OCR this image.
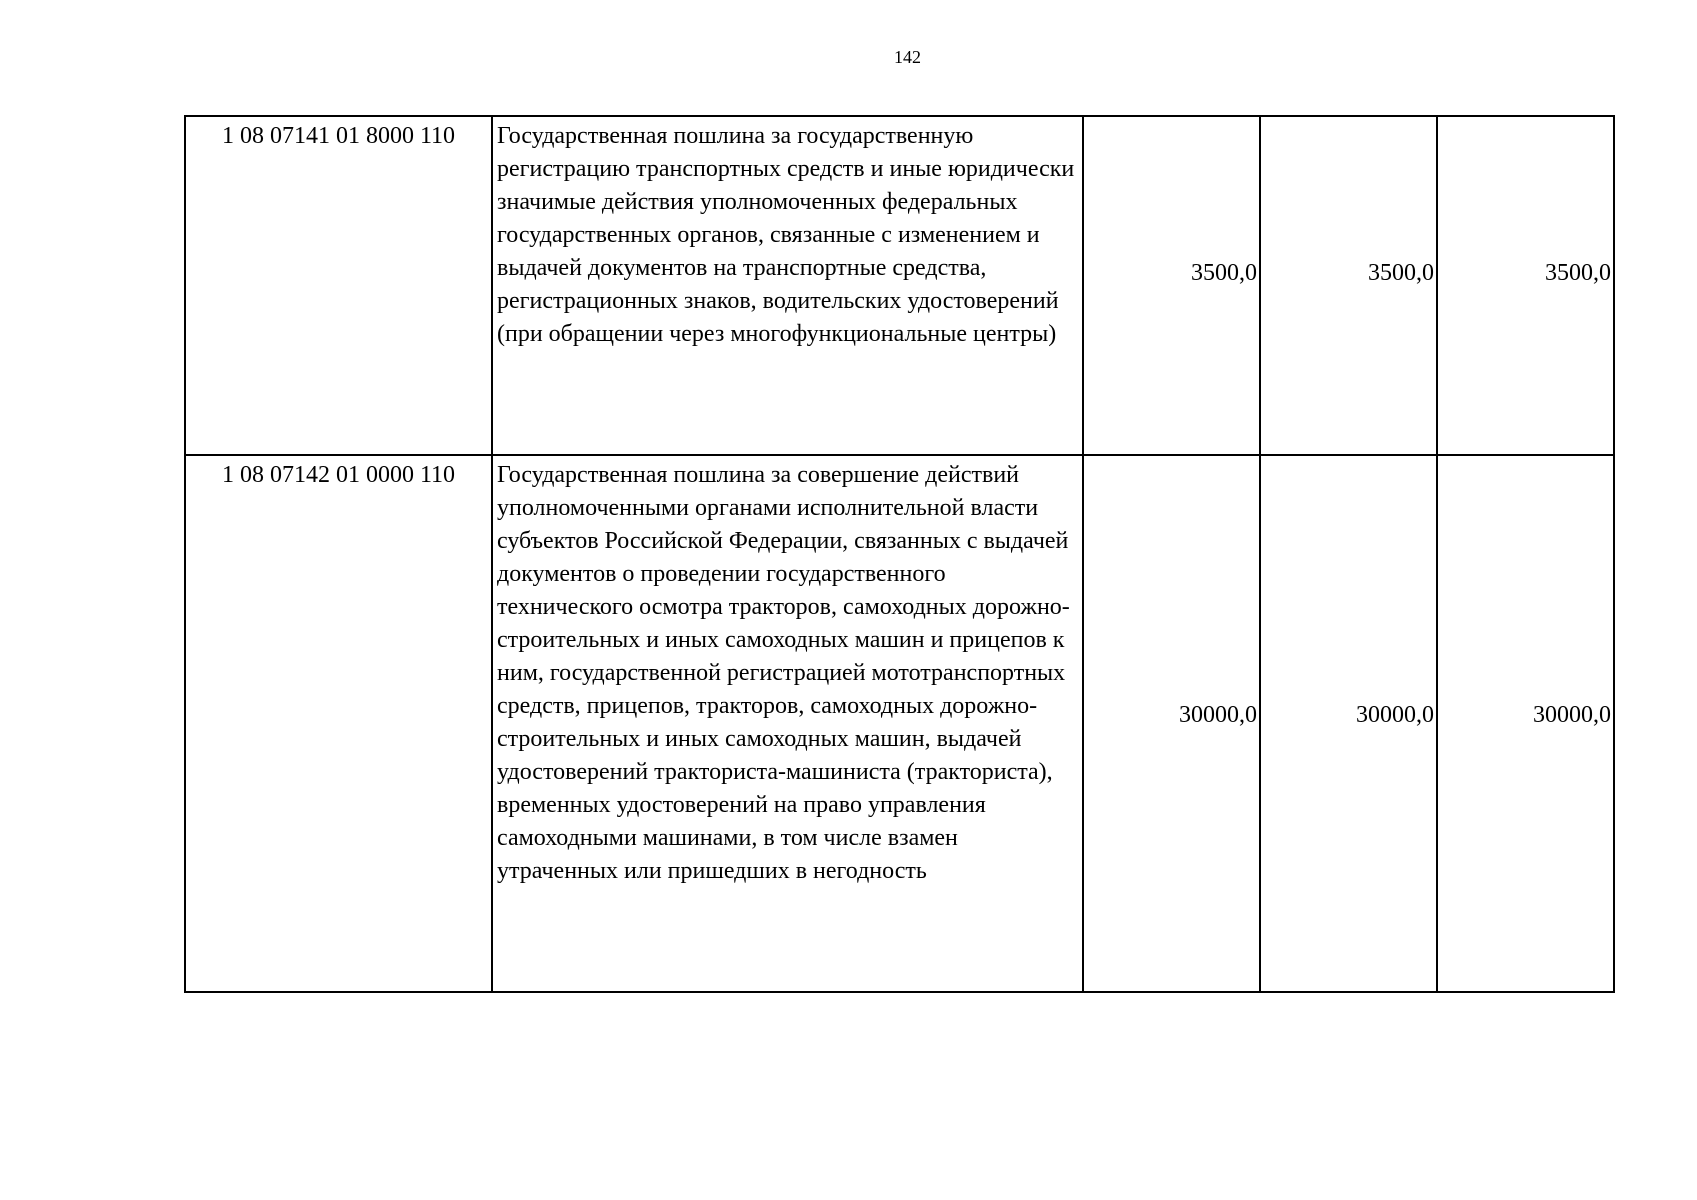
142
1 08 07141 01 8000 110	Государственная пошлина за государственную регистрацию транспортных средств и иные юридически значимые действия уполномоченных федеральных государственных органов, связанные с изменением и выдачей документов на транспортные средства, регистрационных знаков, водительских удостоверений (при обращении через многофункциональные центры)	3500,0	3500,0	3500,0
1 08 07142 01 0000 110	Государственная пошлина за совершение действий уполномоченными органами исполнительной власти субъектов Российской Федерации, связанных с выдачей документов о проведении государственного технического осмотра тракторов, самоходных дорожно-строительных и иных самоходных машин и прицепов к ним, государственной регистрацией мототранспортных средств, прицепов, тракторов, самоходных дорожно-строительных и иных самоходных машин, выдачей удостоверений тракториста-машиниста (тракториста), временных удостоверений на право управления самоходными машинами, в том числе взамен утраченных или пришедших в негодность	30000,0	30000,0	30000,0
